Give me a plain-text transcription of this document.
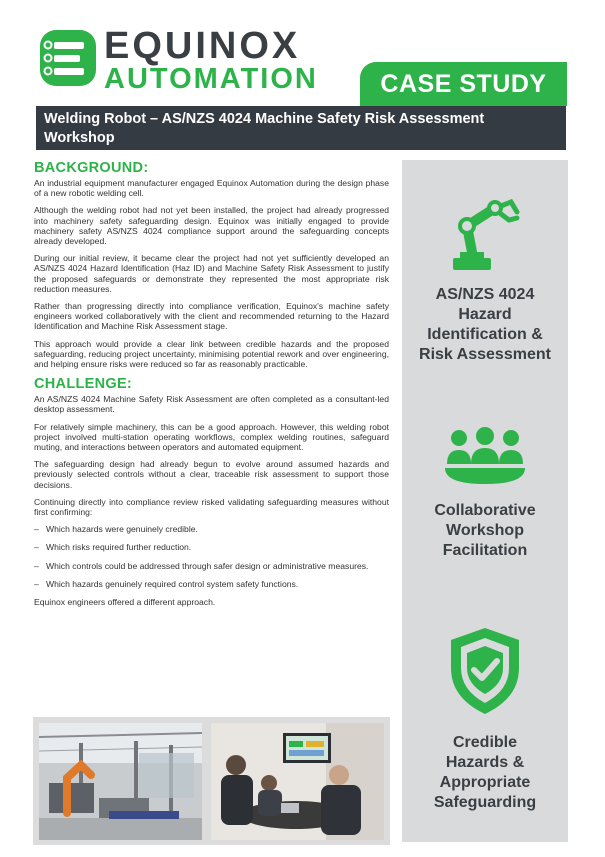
EQUINOX
AUTOMATION	CASE STUDY
Welding Robot – AS/NZS 4024 Machine Safety Risk Assessment Workshop
BACKGROUND:

An industrial equipment manufacturer engaged Equinox Automation during the design phase of a new robotic welding cell.

Although the welding robot had not yet been installed, the project had already progressed into machinery safety safeguarding design. Equinox was initially engaged to provide machinery safety AS/NZS 4024 compliance support around the safeguarding concepts already developed.

During our initial review, it became clear the project had not yet sufficiently developed an AS/NZS 4024 Hazard Identification (Haz ID) and Machine Safety Risk Assessment to justify the proposed safeguards or demonstrate they represented the most appropriate risk reduction measures.

Rather than progressing directly into compliance verification, Equinox's machine safety engineers worked collaboratively with the client and recommended returning to the Hazard Identification and Machine Risk Assessment stage.

This approach would provide a clear link between credible hazards and the proposed safeguarding, reducing project uncertainty, minimising potential rework and over engineering, and helping ensure risks were reduced so far as reasonably practicable.

CHALLENGE:

An AS/NZS 4024 Machine Safety Risk Assessment are often completed as a consultant-led desktop assessment.

For relatively simple machinery, this can be a good approach. However, this welding robot project involved multi-station operating workflows, complex welding routines, safeguard muting, and interactions between operators and automated equipment.

The safeguarding design had already begun to evolve around assumed hazards and previously selected controls without a clear, traceable risk assessment to support those decisions.

Continuing directly into compliance review risked validating safeguarding measures without first confirming:

– Which hazards were genuinely credible.
– Which risks required further reduction.
– Which controls could be addressed through safer design or administrative measures.
– Which hazards genuinely required control system safety functions.

Equinox engineers offered a different approach.

AS/NZS 4024 Hazard Identification & Risk Assessment
Collaborative Workshop Facilitation
Credible Hazards & Appropriate Safeguarding
